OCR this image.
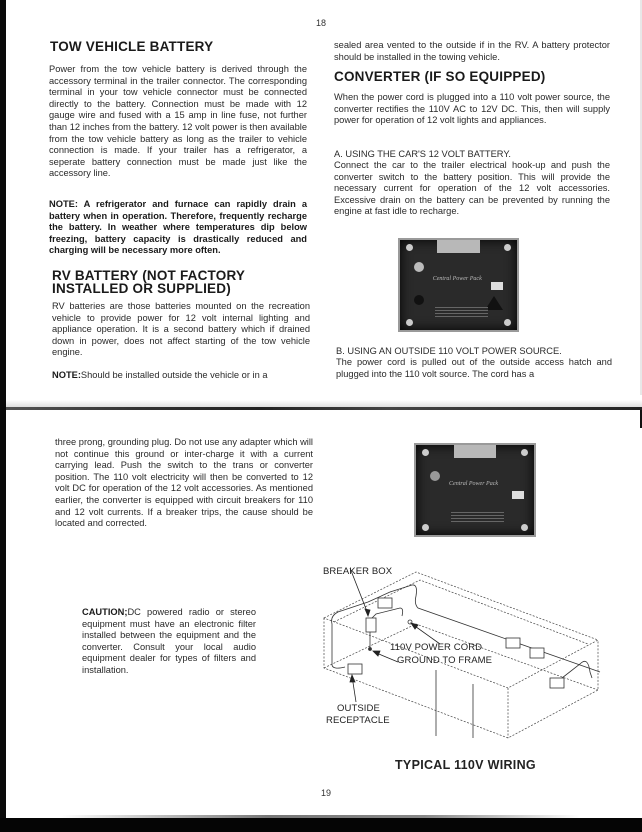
18
TOW VEHICLE BATTERY

Power from the tow vehicle battery is derived through the accessory terminal in the trailer connector. The corresponding terminal in your tow vehicle connector must be connected directly to the battery. Connection must be made with 12 gauge wire and fused with a 15 amp in line fuse, not further than 12 inches from the battery. 12 volt power is then available from the tow vehicle battery as long as the trailer to vehicle connection is made. If your trailer has a refrigerator, a seperate battery connection must be made just like the accessory line.

NOTE: A refrigerator and furnace can rapidly drain a battery when in operation. Therefore, frequently recharge the battery. In weather where temperatures dip below freezing, battery capacity is drastically reduced and charging will be necessary more often.

RV BATTERY (NOT FACTORY INSTALLED OR SUPPLIED)

RV batteries are those batteries mounted on the recreation vehicle to provide power for 12 volt internal lighting and appliance operation. It is a second battery which if drained down in power, does not affect starting of the tow vehicle engine.

NOTE:Should be installed outside the vehicle or in a

sealed area vented to the outside if in the RV. A battery protector should be installed in the towing vehicle.

CONVERTER (IF SO EQUIPPED)

When the power cord is plugged into a 110 volt power source, the converter rectifies the 110V AC to 12V DC. This, then will supply power for operation of 12 volt lights and appliances.

A. USING THE CAR'S 12 VOLT BATTERY.

Connect the car to the trailer electrical hook-up and push the converter switch to the battery position. This will provide the necessary current for operation of the 12 volt accessories. Excessive drain on the battery can be prevented by running the engine at fast idle to recharge.

Central Power Pack

B. USING AN OUTSIDE 110 VOLT POWER SOURCE.

The power cord is pulled out of the outside access hatch and plugged into the 110 volt source. The cord has a

three prong, grounding plug. Do not use any adapter which will not continue this ground or inter-charge it with a current carrying lead. Push the switch to the trans or converter position. The 110 volt electricity will then be converted to 12 volt DC for operation of the 12 volt accessories. As mentioned earlier, the converter is equipped with circuit breakers for 110 and 12 volt currents. If a breaker trips, the cause should be located and corrected.

CAUTION;DC powered radio or stereo equipment must have an electronic filter installed between the equipment and the converter. Consult your local audio equipment dealer for types of filters and installation.

Central Power Pack
BREAKER BOX
110V POWER CORD
GROUND TO FRAME
OUTSIDE
RECEPTACLE
TYPICAL 110V WIRING
19
